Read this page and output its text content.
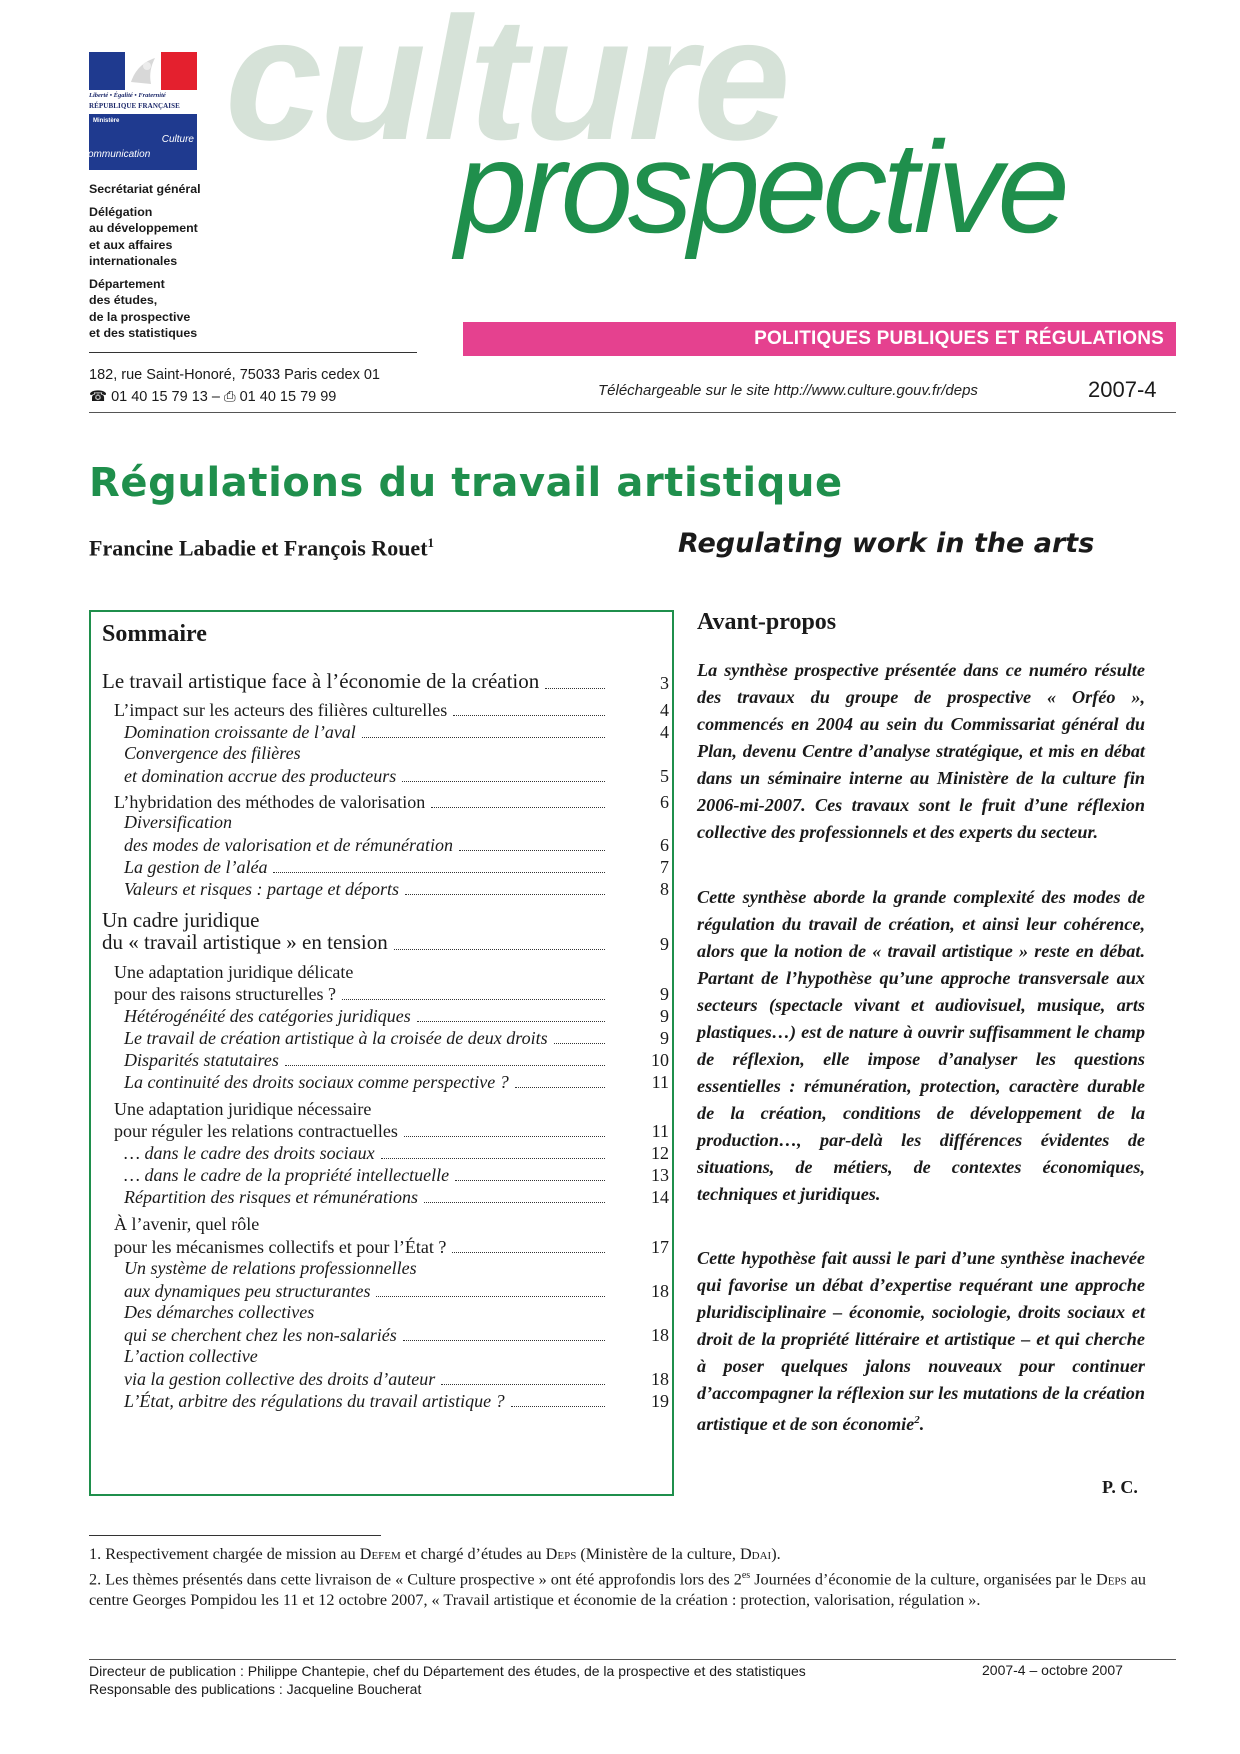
Liberté • Égalité • Fraternité
RÉPUBLIQUE FRANÇAISE
Ministère
Culture
communication

Secrétariat général

Délégation
au développement
et aux affaires
internationales

Département
des études,
de la prospective
et des statistiques

culture
prospective
POLITIQUES PUBLIQUES ET RÉGULATIONS
182, rue Saint-Honoré, 75033 Paris cedex 01
☎ 01 40 15 79 13 – ⎙ 01 40 15 79 99	Téléchargeable sur le site http://www.culture.gouv.fr/deps	2007-4
Régulations du travail artistique
Francine Labadie et François Rouet$^1$	Regulating work in the arts
Sommaire
Le travail artistique face à l’économie de la création	3
L’impact sur les acteurs des filières culturelles	4
Domination croissante de l’aval	4
Convergence des filières
et domination accrue des producteurs	5
L’hybridation des méthodes de valorisation	6
Diversification
des modes de valorisation et de rémunération	6
La gestion de l’aléa	7
Valeurs et risques : partage et déports	8
Un cadre juridique
du « travail artistique » en tension	9
Une adaptation juridique délicate
pour des raisons structurelles ?	9
Hétérogénéité des catégories juridiques	9
Le travail de création artistique à la croisée de deux droits	9
Disparités statutaires	10
La continuité des droits sociaux comme perspective ?	11
Une adaptation juridique nécessaire
pour réguler les relations contractuelles	11
… dans le cadre des droits sociaux	12
… dans le cadre de la propriété intellectuelle	13
Répartition des risques et rémunérations	14
À l’avenir, quel rôle
pour les mécanismes collectifs et pour l’État ?	17
Un système de relations professionnelles
aux dynamiques peu structurantes	18
Des démarches collectives
qui se cherchent chez les non-salariés	18
L’action collective
via la gestion collective des droits d’auteur	18
L’État, arbitre des régulations du travail artistique ?	19
Avant-propos

La synthèse prospective présentée dans ce numéro résulte des travaux du groupe de prospective « Orféo », commencés en 2004 au sein du Commissariat général du Plan, devenu Centre d’analyse stratégique, et mis en débat dans un séminaire interne au Ministère de la culture fin 2006-mi-2007. Ces travaux sont le fruit d’une réflexion collective des professionnels et des experts du secteur.

Cette synthèse aborde la grande complexité des modes de régulation du travail de création, et ainsi leur cohérence, alors que la notion de « travail artistique » reste en débat. Partant de l’hypothèse qu’une approche transversale aux secteurs (spectacle vivant et audiovisuel, musique, arts plastiques…) est de nature à ouvrir suffisamment le champ de réflexion, elle impose d’analyser les questions essentielles : rémunération, protection, caractère durable de la création, conditions de développement de la production…, par-delà les différences évidentes de situations, de métiers, de contextes économiques, techniques et juridiques.

Cette hypothèse fait aussi le pari d’une synthèse inachevée qui favorise un débat d’expertise requérant une approche pluridisciplinaire – économie, sociologie, droits sociaux et droit de la propriété littéraire et artistique – et qui cherche à poser quelques jalons nouveaux pour continuer d’accompagner la réflexion sur les mutations de la création artistique et de son économie$^2$.

P. C.

1. Respectivement chargée de mission au Defem et chargé d’études au Deps (Ministère de la culture, Ddai).

2. Les thèmes présentés dans cette livraison de « Culture prospective » ont été approfondis lors des $2^{es}$ Journées d’économie de la culture, organisées par le Deps au centre Georges Pompidou les 11 et 12 octobre 2007, « Travail artistique et économie de la création : protection, valorisation, régulation ».

Directeur de publication : Philippe Chantepie, chef du Département des études, de la prospective et des statistiques
Responsable des publications : Jacqueline Boucherat
2007-4 – octobre 2007
